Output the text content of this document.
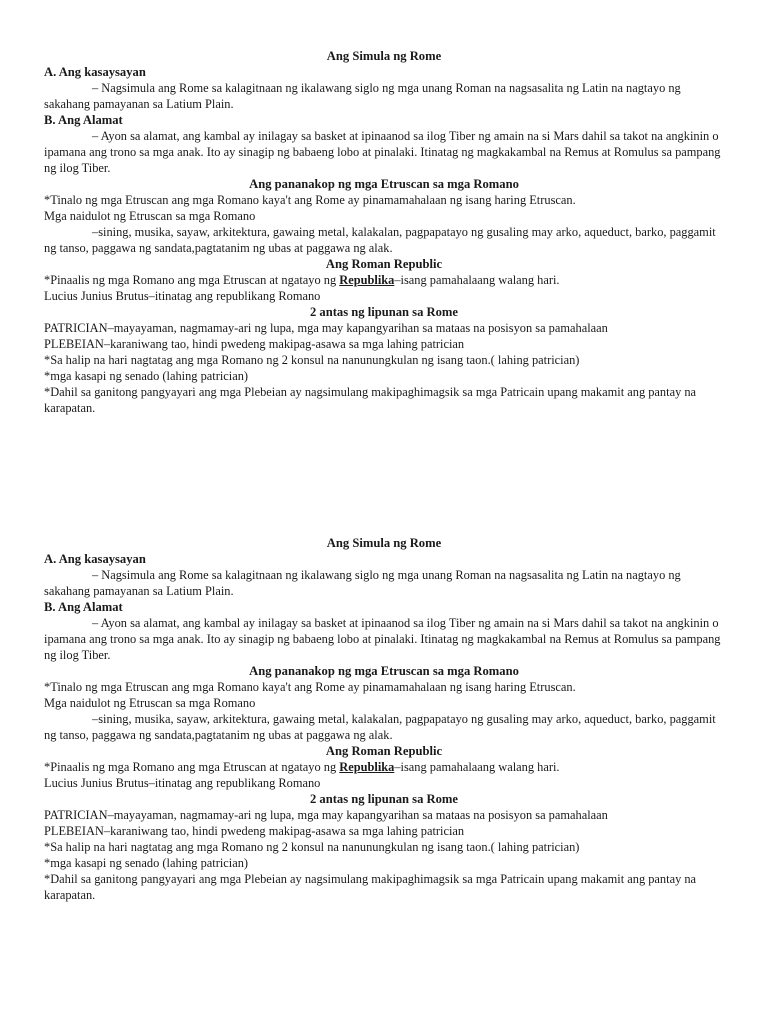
Ang Simula ng Rome
A. Ang kasaysayan

– Nagsimula ang Rome sa kalagitnaan ng ikalawang siglo ng mga unang Roman na nagsasalita ng Latin na nagtayo ng sakahang pamayanan sa Latium Plain.

B. Ang Alamat

– Ayon sa alamat, ang kambal ay inilagay sa basket at ipinaanod sa ilog Tiber ng amain na si Mars dahil sa takot na angkinin o ipamana ang trono sa mga anak. Ito ay sinagip ng babaeng lobo at pinalaki. Itinatag ng magkakambal na Remus at Romulus sa pampang ng ilog Tiber.

Ang pananakop ng mga Etruscan sa mga Romano

*Tinalo ng mga Etruscan ang mga Romano kaya't ang Rome ay pinamamahalaan ng isang haring Etruscan.

Mga naidulot ng Etruscan sa mga Romano

–sining, musika, sayaw, arkitektura, gawaing metal, kalakalan, pagpapatayo ng gusaling may arko, aqueduct, barko, paggamit ng tanso, paggawa ng sandata,pagtatanim ng ubas at paggawa ng alak.

Ang Roman Republic

*Pinaalis ng mga Romano ang mga Etruscan at ngatayo ng Republika–isang pamahalaang walang hari.

Lucius Junius Brutus–itinatag ang republikang Romano

2 antas ng lipunan sa Rome

PATRICIAN–mayayaman, nagmamay-ari ng lupa, mga may kapangyarihan sa mataas na posisyon sa pamahalaan

PLEBEIAN–karaniwang tao, hindi pwedeng makipag-asawa sa mga lahing patrician

*Sa halip na hari nagtatag ang mga Romano ng 2 konsul na nanunungkulan ng isang taon.( lahing patrician)

*mga kasapi ng senado (lahing patrician)

*Dahil sa ganitong pangyayari ang mga Plebeian ay nagsimulang makipaghimagsik sa mga Patricain upang makamit ang pantay na karapatan.

Ang Simula ng Rome
A. Ang kasaysayan

– Nagsimula ang Rome sa kalagitnaan ng ikalawang siglo ng mga unang Roman na nagsasalita ng Latin na nagtayo ng sakahang pamayanan sa Latium Plain.

B. Ang Alamat

– Ayon sa alamat, ang kambal ay inilagay sa basket at ipinaanod sa ilog Tiber ng amain na si Mars dahil sa takot na angkinin o ipamana ang trono sa mga anak. Ito ay sinagip ng babaeng lobo at pinalaki. Itinatag ng magkakambal na Remus at Romulus sa pampang ng ilog Tiber.

Ang pananakop ng mga Etruscan sa mga Romano

*Tinalo ng mga Etruscan ang mga Romano kaya't ang Rome ay pinamamahalaan ng isang haring Etruscan.

Mga naidulot ng Etruscan sa mga Romano

–sining, musika, sayaw, arkitektura, gawaing metal, kalakalan, pagpapatayo ng gusaling may arko, aqueduct, barko, paggamit ng tanso, paggawa ng sandata,pagtatanim ng ubas at paggawa ng alak.

Ang Roman Republic

*Pinaalis ng mga Romano ang mga Etruscan at ngatayo ng Republika–isang pamahalaang walang hari.

Lucius Junius Brutus–itinatag ang republikang Romano

2 antas ng lipunan sa Rome

PATRICIAN–mayayaman, nagmamay-ari ng lupa, mga may kapangyarihan sa mataas na posisyon sa pamahalaan

PLEBEIAN–karaniwang tao, hindi pwedeng makipag-asawa sa mga lahing patrician

*Sa halip na hari nagtatag ang mga Romano ng 2 konsul na nanunungkulan ng isang taon.( lahing patrician)

*mga kasapi ng senado (lahing patrician)

*Dahil sa ganitong pangyayari ang mga Plebeian ay nagsimulang makipaghimagsik sa mga Patricain upang makamit ang pantay na karapatan.
